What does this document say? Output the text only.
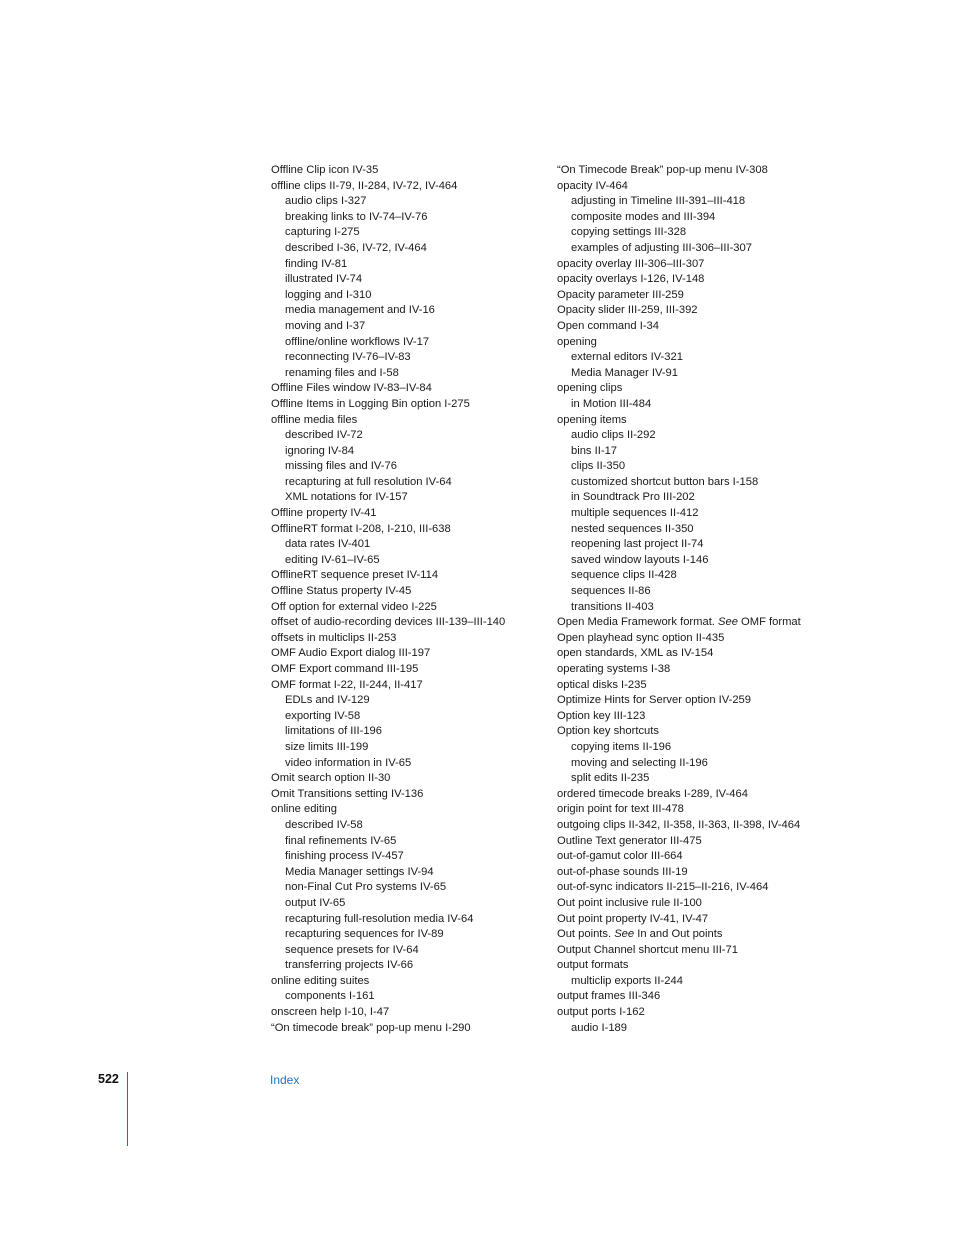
Offline Clip icon IV-35
offline clips II-79, II-284, IV-72, IV-464
audio clips I-327
breaking links to IV-74–IV-76
capturing I-275
described I-36, IV-72, IV-464
finding IV-81
illustrated IV-74
logging and I-310
media management and IV-16
moving and I-37
offline/online workflows IV-17
reconnecting IV-76–IV-83
renaming files and I-58
Offline Files window IV-83–IV-84
Offline Items in Logging Bin option I-275
offline media files
described IV-72
ignoring IV-84
missing files and IV-76
recapturing at full resolution IV-64
XML notations for IV-157
Offline property IV-41
OfflineRT format I-208, I-210, III-638
data rates IV-401
editing IV-61–IV-65
OfflineRT sequence preset IV-114
Offline Status property IV-45
Off option for external video I-225
offset of audio-recording devices III-139–III-140
offsets in multiclips II-253
OMF Audio Export dialog III-197
OMF Export command III-195
OMF format I-22, II-244, II-417
EDLs and IV-129
exporting IV-58
limitations of III-196
size limits III-199
video information in IV-65
Omit search option II-30
Omit Transitions setting IV-136
online editing
described IV-58
final refinements IV-65
finishing process IV-457
Media Manager settings IV-94
non-Final Cut Pro systems IV-65
output IV-65
recapturing full-resolution media IV-64
recapturing sequences for IV-89
sequence presets for IV-64
transferring projects IV-66
online editing suites
components I-161
onscreen help I-10, I-47
“On timecode break” pop-up menu I-290
“On Timecode Break” pop-up menu IV-308
opacity IV-464
adjusting in Timeline III-391–III-418
composite modes and III-394
copying settings III-328
examples of adjusting III-306–III-307
opacity overlay III-306–III-307
opacity overlays I-126, IV-148
Opacity parameter III-259
Opacity slider III-259, III-392
Open command I-34
opening
external editors IV-321
Media Manager IV-91
opening clips
in Motion III-484
opening items
audio clips II-292
bins II-17
clips II-350
customized shortcut button bars I-158
in Soundtrack Pro III-202
multiple sequences II-412
nested sequences II-350
reopening last project II-74
saved window layouts I-146
sequence clips II-428
sequences II-86
transitions II-403
Open Media Framework format. See OMF format
Open playhead sync option II-435
open standards, XML as IV-154
operating systems I-38
optical disks I-235
Optimize Hints for Server option IV-259
Option key III-123
Option key shortcuts
copying items II-196
moving and selecting II-196
split edits II-235
ordered timecode breaks I-289, IV-464
origin point for text III-478
outgoing clips II-342, II-358, II-363, II-398, IV-464
Outline Text generator III-475
out-of-gamut color III-664
out-of-phase sounds III-19
out-of-sync indicators II-215–II-216, IV-464
Out point inclusive rule II-100
Out point property IV-41, IV-47
Out points. See In and Out points
Output Channel shortcut menu III-71
output formats
multiclip exports II-244
output frames III-346
output ports I-162
audio I-189
522	Index
